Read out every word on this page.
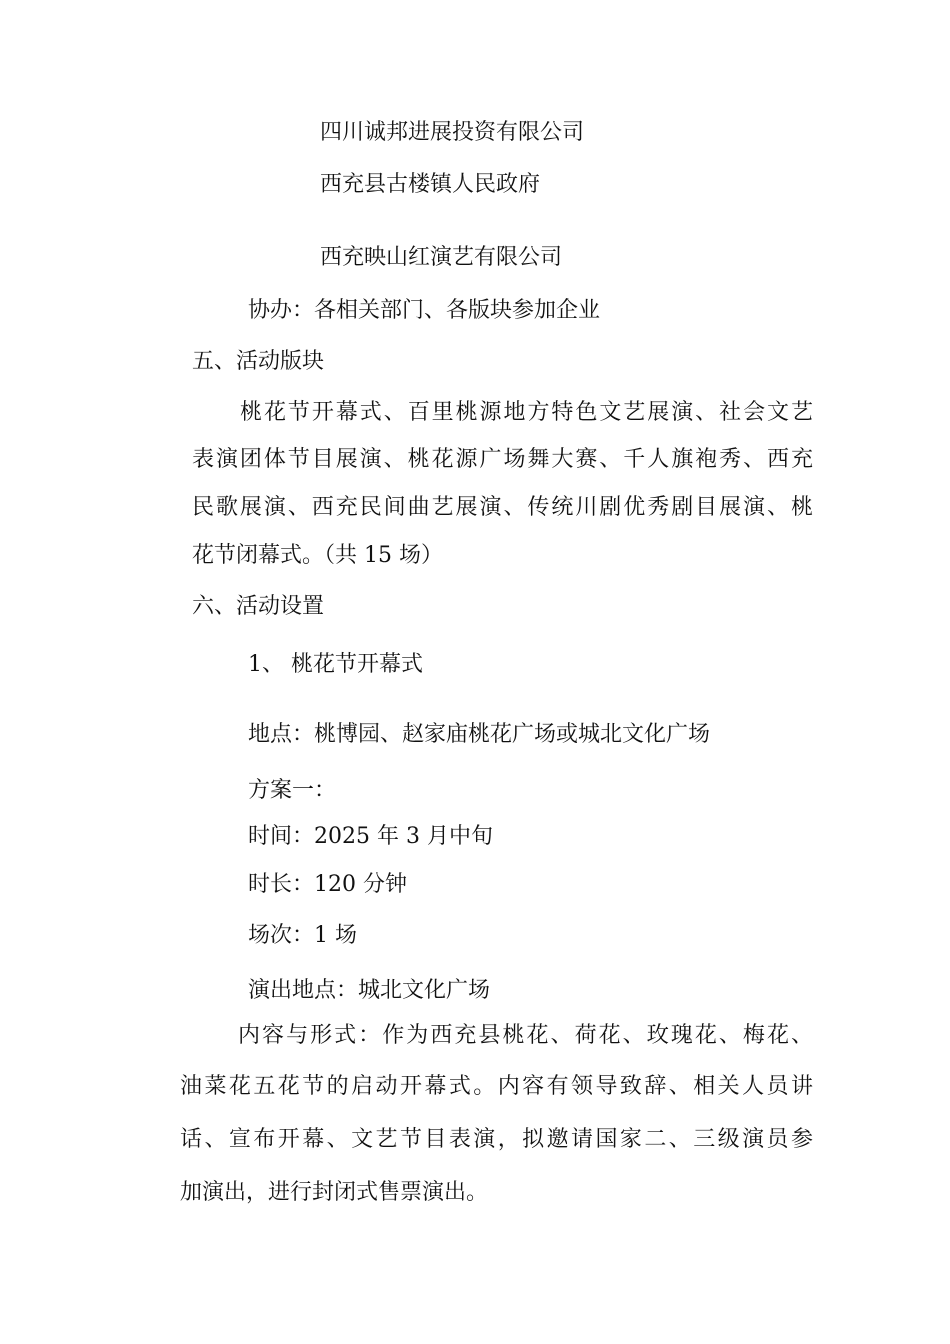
四川诚邦进展投资有限公司

西充县古楼镇人民政府

西充映山红演艺有限公司

协办：各相关部门、各版块参加企业

五、活动版块

桃花节开幕式、百里桃源地方特色文艺展演、社会文艺

表演团体节目展演、桃花源广场舞大赛、千人旗袍秀、西充

民歌展演、西充民间曲艺展演、传统川剧优秀剧目展演、桃

花节闭幕式。（共 15 场）

六、活动设置

1、 桃花节开幕式

地点：桃博园、赵家庙桃花广场或城北文化广场

方案一：

时间：2025 年 3 月中旬

时长：120 分钟

场次：1 场

演出地点：城北文化广场

内容与形式：作为西充县桃花、荷花、玫瑰花、梅花、

油菜花五花节的启动开幕式。内容有领导致辞、相关人员讲

话、宣布开幕、文艺节目表演，拟邀请国家二、三级演员参

加演出，进行封闭式售票演出。
